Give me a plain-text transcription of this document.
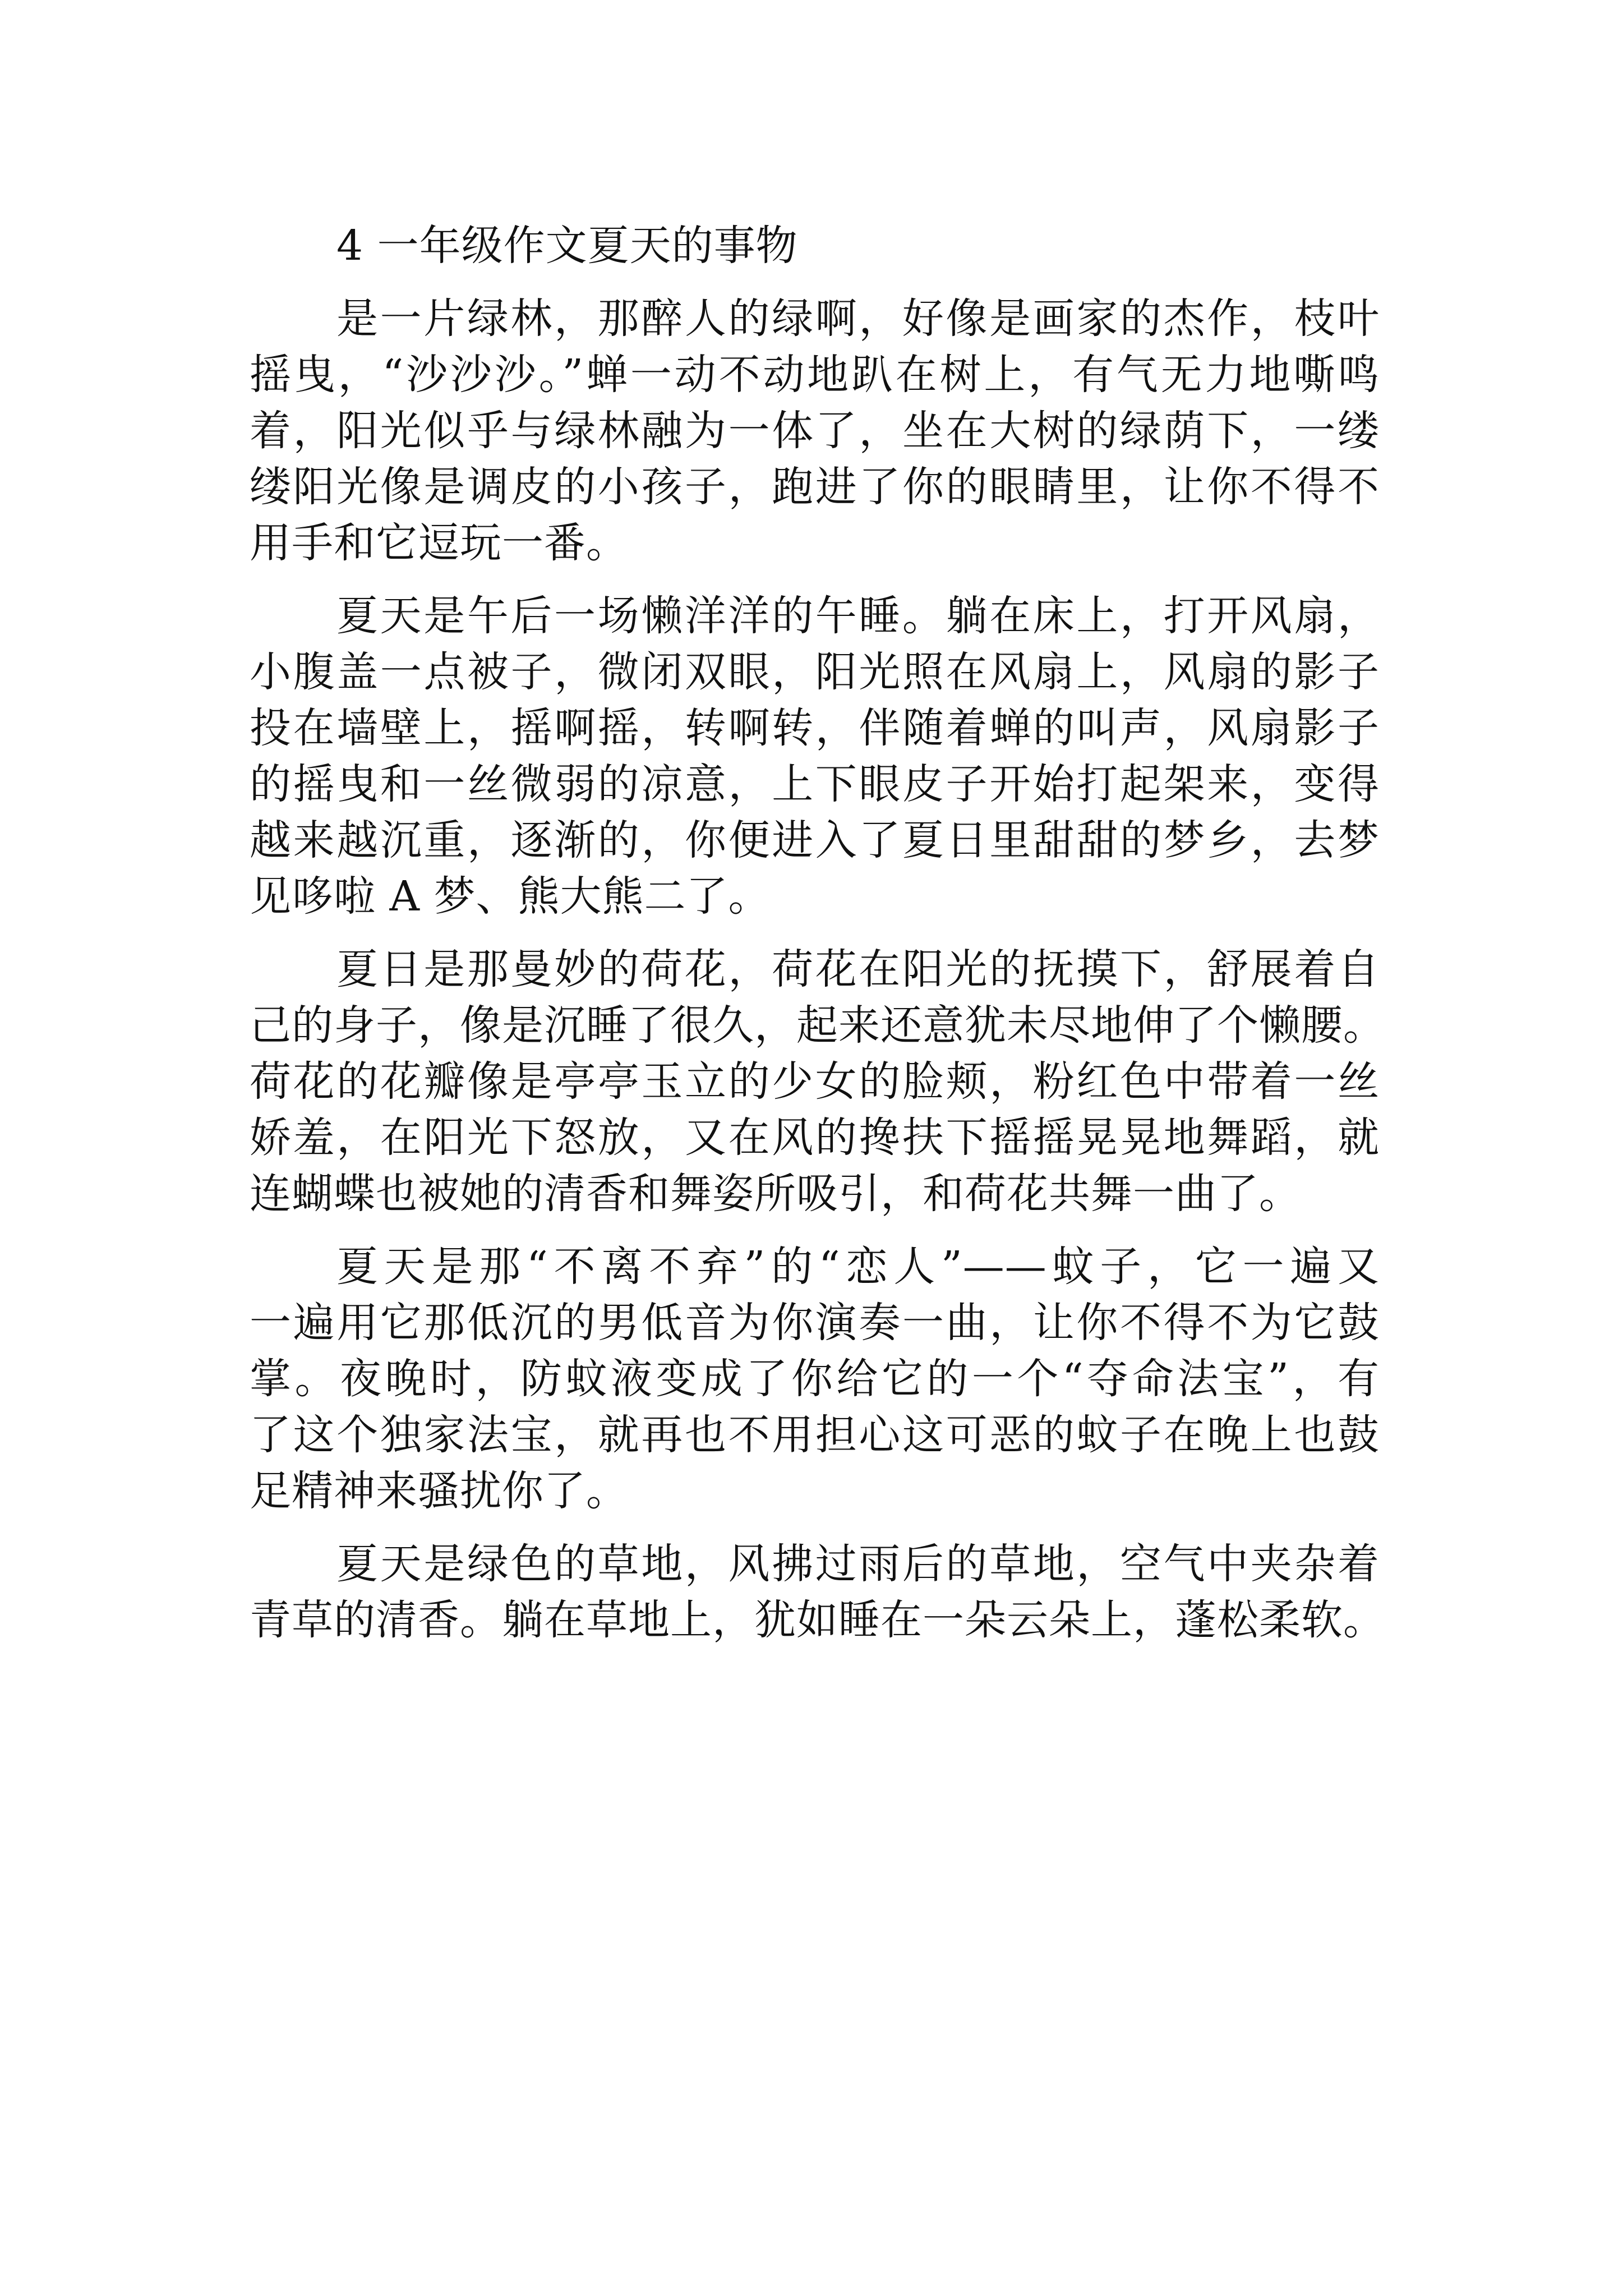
4 一年级作文夏天的事物
是一片绿林，那醉人的绿啊，好像是画家的杰作，枝叶
摇曳，“沙沙沙。”蝉一动不动地趴在树上，有气无力地嘶鸣
着，阳光似乎与绿林融为一体了，坐在大树的绿荫下，一缕
缕阳光像是调皮的小孩子，跑进了你的眼睛里，让你不得不
用手和它逗玩一番。
夏天是午后一场懒洋洋的午睡。躺在床上，打开风扇，
小腹盖一点被子，微闭双眼，阳光照在风扇上，风扇的影子
投在墙壁上，摇啊摇，转啊转，伴随着蝉的叫声，风扇影子
的摇曳和一丝微弱的凉意，上下眼皮子开始打起架来，变得
越来越沉重，逐渐的，你便进入了夏日里甜甜的梦乡，去梦
见哆啦 A 梦、熊大熊二了。
夏日是那曼妙的荷花，荷花在阳光的抚摸下，舒展着自
己的身子，像是沉睡了很久，起来还意犹未尽地伸了个懒腰。
荷花的花瓣像是亭亭玉立的少女的脸颊，粉红色中带着一丝
娇羞，在阳光下怒放，又在风的搀扶下摇摇晃晃地舞蹈，就
连蝴蝶也被她的清香和舞姿所吸引，和荷花共舞一曲了。
夏天是那“不离不弃”的“恋人”——蚊子，它一遍又
一遍用它那低沉的男低音为你演奏一曲，让你不得不为它鼓
掌。夜晚时，防蚊液变成了你给它的一个“夺命法宝”，有
了这个独家法宝，就再也不用担心这可恶的蚊子在晚上也鼓
足精神来骚扰你了。
夏天是绿色的草地，风拂过雨后的草地，空气中夹杂着
青草的清香。躺在草地上，犹如睡在一朵云朵上，蓬松柔软。
